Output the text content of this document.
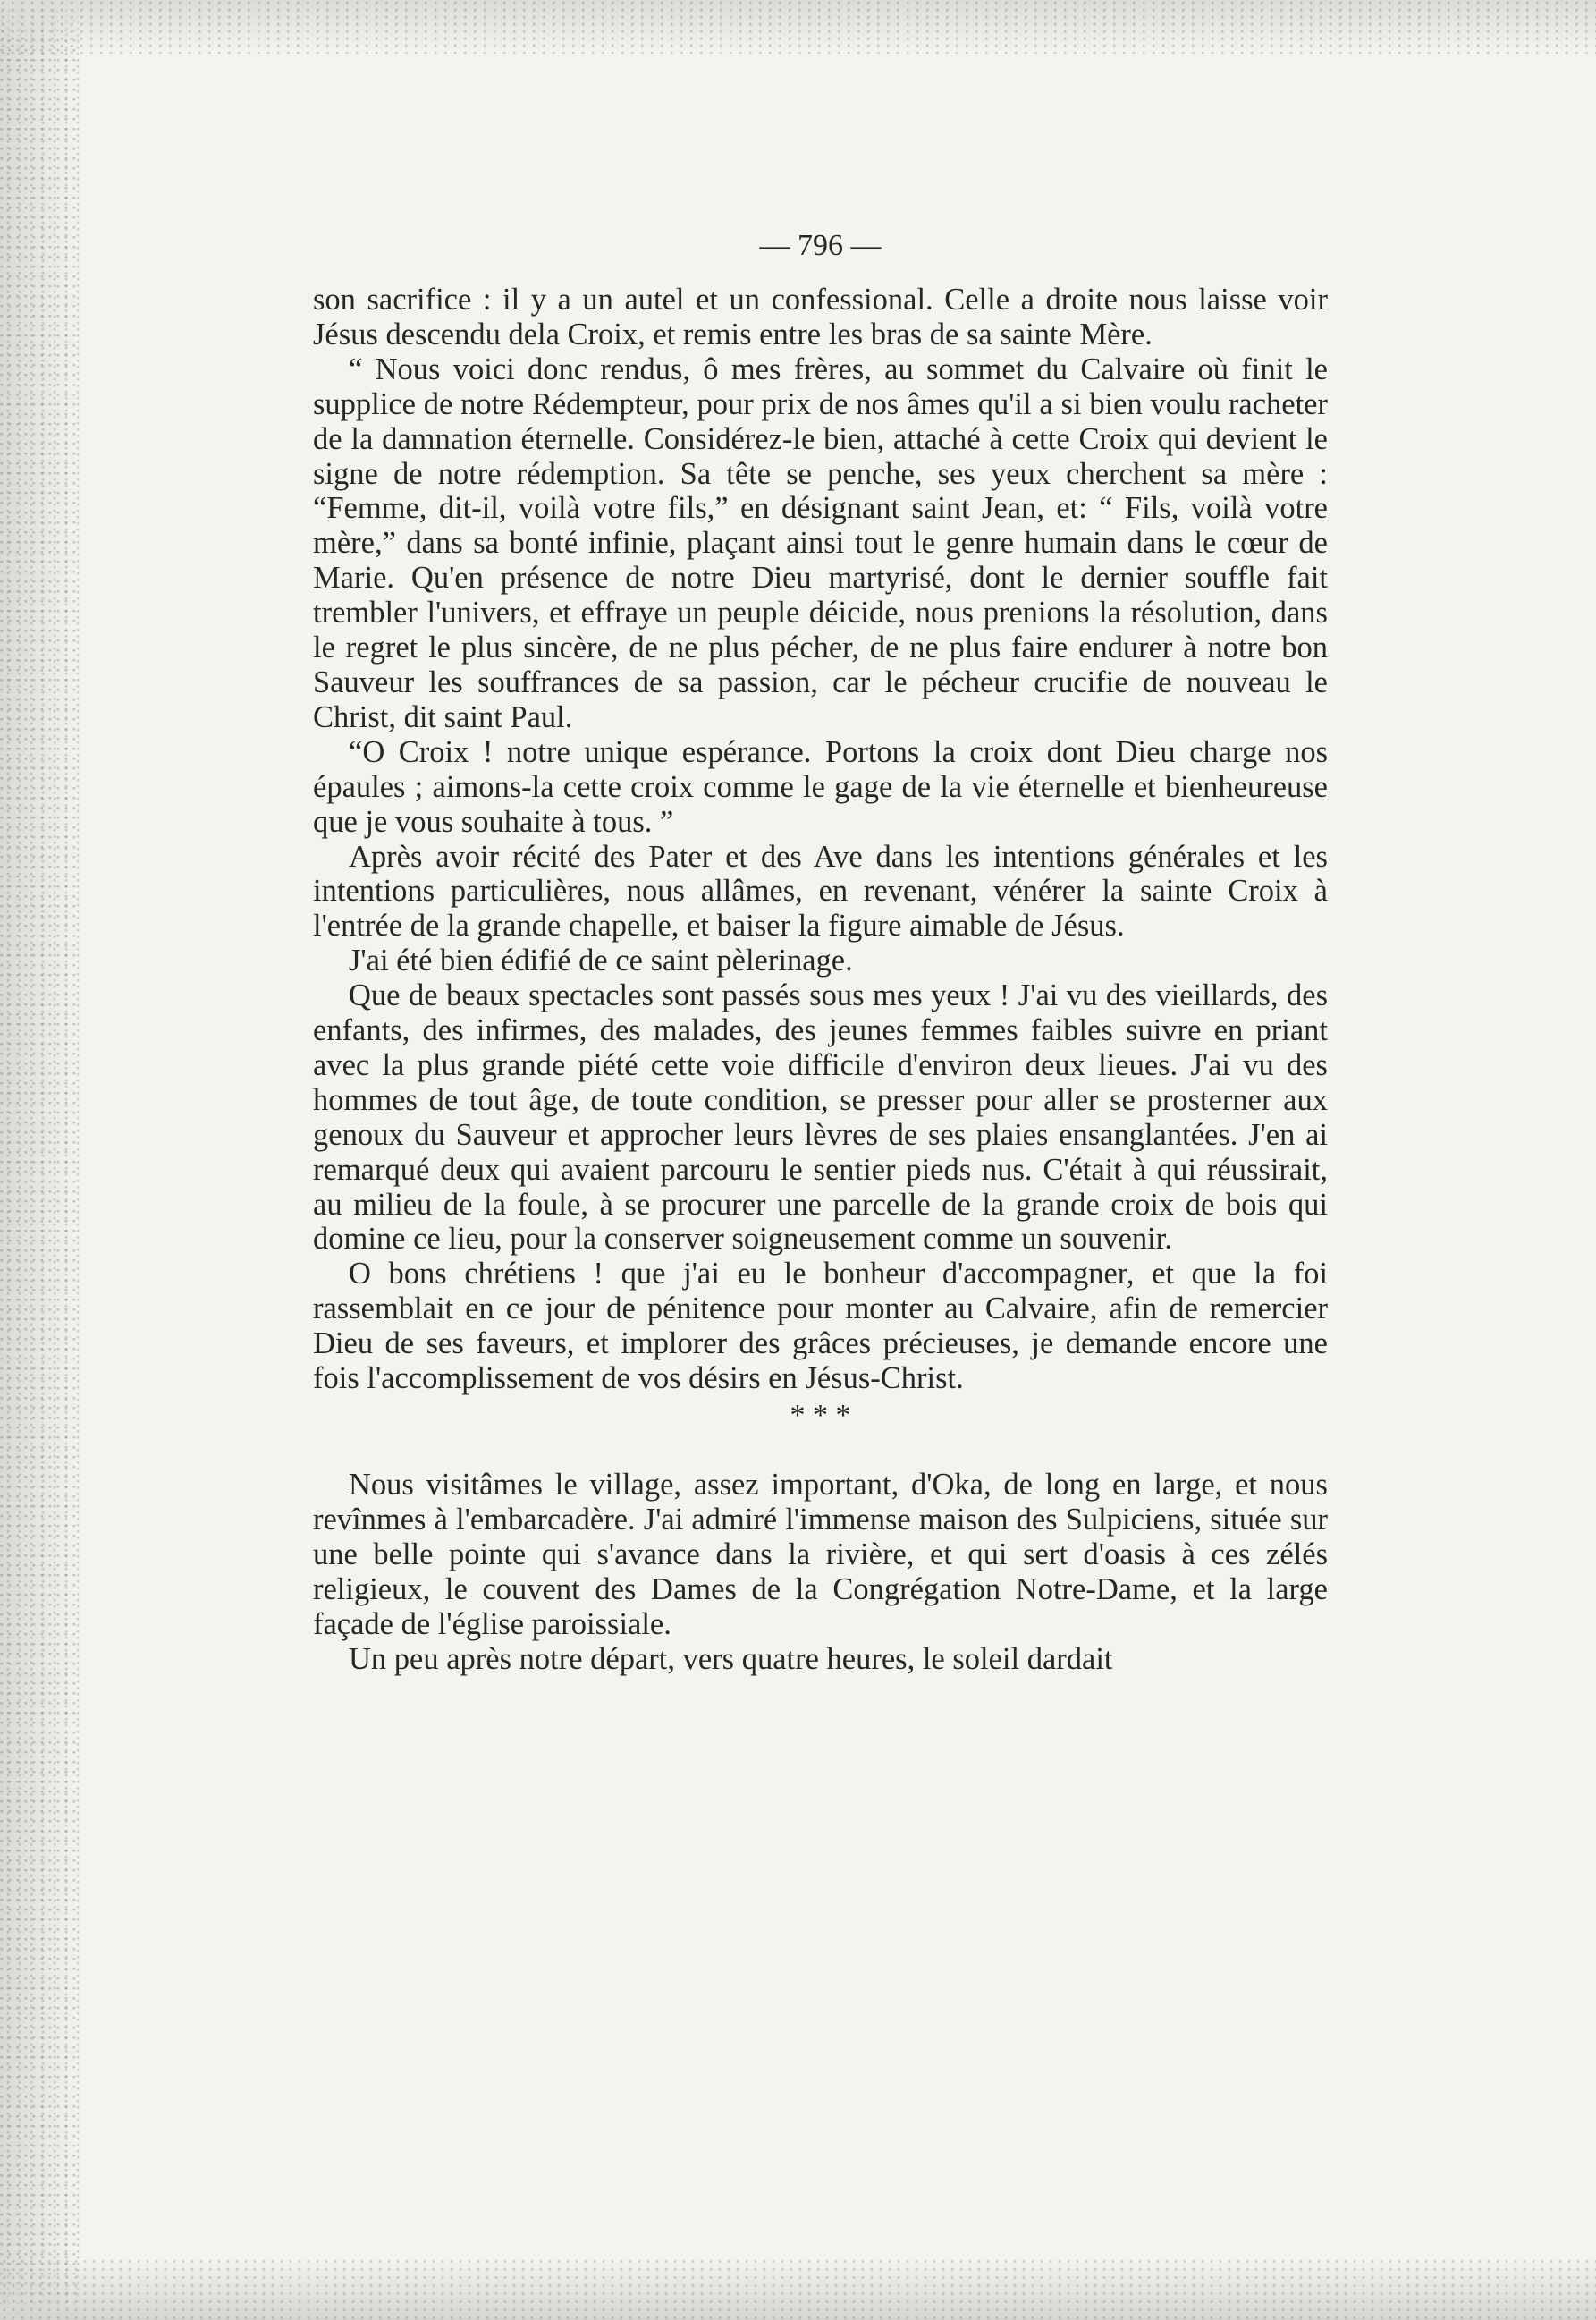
— 796 —

son sacrifice : il y a un autel et un confessional. Celle a droite nous laisse voir Jésus descendu dela Croix, et remis entre les bras de sa sainte Mère.

“ Nous voici donc rendus, ô mes frères, au sommet du Calvaire où finit le supplice de notre Rédempteur, pour prix de nos âmes qu'il a si bien voulu racheter de la damnation éternelle. Considérez-le bien, attaché à cette Croix qui devient le signe de notre rédemption. Sa tête se penche, ses yeux cherchent sa mère : “Femme, dit-il, voilà votre fils,” en désignant saint Jean, et: “ Fils, voilà votre mère,” dans sa bonté infinie, plaçant ainsi tout le genre humain dans le cœur de Marie. Qu'en présence de notre Dieu martyrisé, dont le dernier souffle fait trembler l'univers, et effraye un peuple déicide, nous prenions la résolution, dans le regret le plus sincère, de ne plus pécher, de ne plus faire endurer à notre bon Sauveur les souffrances de sa passion, car le pécheur crucifie de nouveau le Christ, dit saint Paul.

“O Croix ! notre unique espérance. Portons la croix dont Dieu charge nos épaules ; aimons-la cette croix comme le gage de la vie éternelle et bienheureuse que je vous souhaite à tous. ”

Après avoir récité des Pater et des Ave dans les intentions générales et les intentions particulières, nous allâmes, en revenant, vénérer la sainte Croix à l'entrée de la grande chapelle, et baiser la figure aimable de Jésus.

J'ai été bien édifié de ce saint pèlerinage.

Que de beaux spectacles sont passés sous mes yeux ! J'ai vu des vieillards, des enfants, des infirmes, des malades, des jeunes femmes faibles suivre en priant avec la plus grande piété cette voie difficile d'environ deux lieues. J'ai vu des hommes de tout âge, de toute condition, se presser pour aller se prosterner aux genoux du Sauveur et approcher leurs lèvres de ses plaies ensanglantées. J'en ai remarqué deux qui avaient parcouru le sentier pieds nus. C'était à qui réussirait, au milieu de la foule, à se procurer une parcelle de la grande croix de bois qui domine ce lieu, pour la conserver soigneusement comme un souvenir.

O bons chrétiens ! que j'ai eu le bonheur d'accompagner, et que la foi rassemblait en ce jour de pénitence pour monter au Calvaire, afin de remercier Dieu de ses faveurs, et implorer des grâces précieuses, je demande encore une fois l'accomplissement de vos désirs en Jésus-Christ.

* * *

Nous visitâmes le village, assez important, d'Oka, de long en large, et nous revînmes à l'embarcadère. J'ai admiré l'immense maison des Sulpiciens, située sur une belle pointe qui s'avance dans la rivière, et qui sert d'oasis à ces zélés religieux, le couvent des Dames de la Congrégation Notre-Dame, et la large façade de l'église paroissiale.

Un peu après notre départ, vers quatre heures, le soleil dardait
